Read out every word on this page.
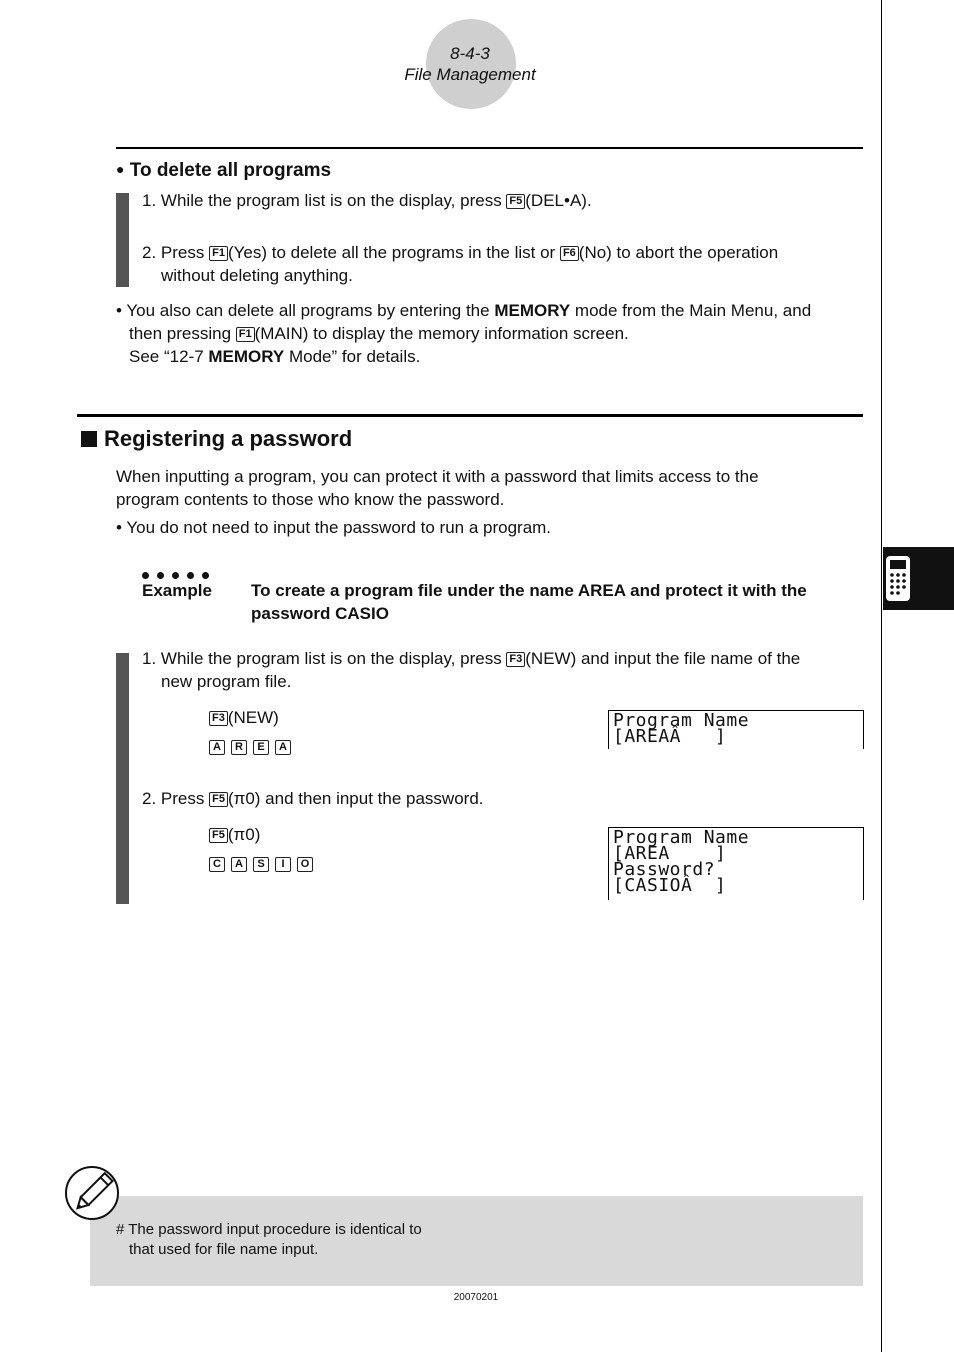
8-4-3
File Management
● To delete all programs
1. While the program list is on the display, press F5 (DEL•A).
2. Press F1 (Yes) to delete all the programs in the list or F6 (No) to abort the operation
without deleting anything.
• You also can delete all programs by entering the MEMORY mode from the Main Menu, and
then pressing F1 (MAIN) to display the memory information screen.
See “12-7 MEMORY Mode” for details.
Registering a password
When inputting a program, you can protect it with a password that limits access to the
program contents to those who know the password.
• You do not need to input the password to run a program.
Example To create a program file under the name AREA and protect it with the
password CASIO
1. While the program list is on the display, press F3 (NEW) and input the file name of the
new program file.
F3 (NEW)
A R E A
Program Name
[AREAÂ   ]
2. Press F5 (π0) and then input the password.
F5 (π0)
C A S I O
Program Name
[AREA    ]
Password?
[CASIOÂ  ]
# The password input procedure is identical to
that used for file name input.
20070201
